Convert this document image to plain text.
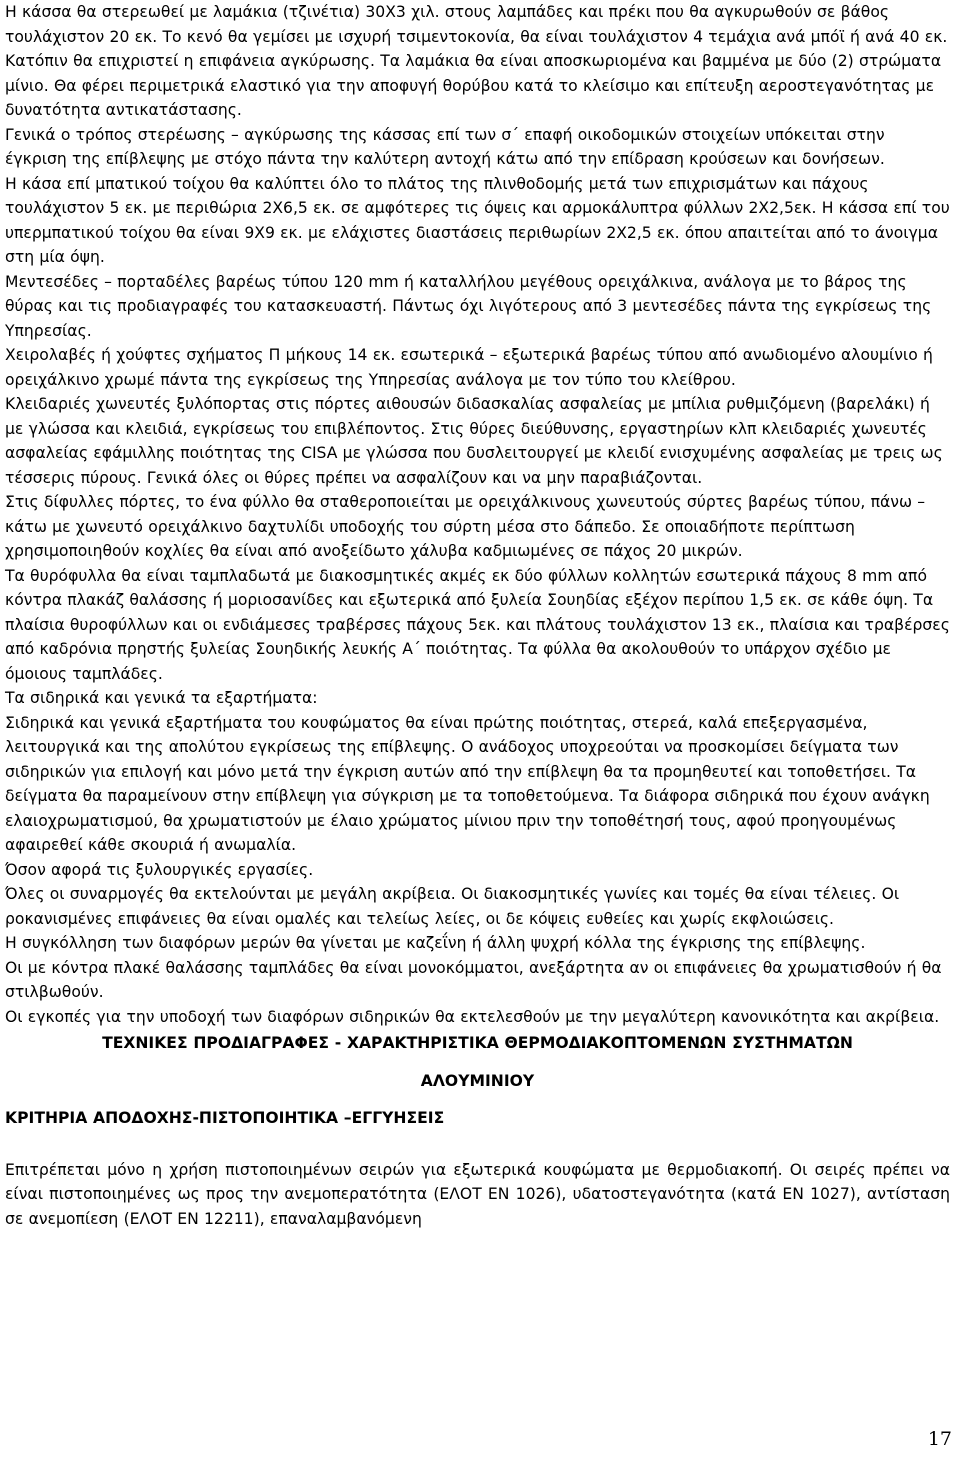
Η κάσσα θα στερεωθεί με λαμάκια (τζινέτια) 30Χ3 χιλ. στους λαμπάδες και πρέκι που θα αγκυρωθούν σε βάθος τουλάχιστον 20 εκ. Το κενό θα γεμίσει με ισχυρή τσιμεντοκονία, θα είναι τουλάχιστον 4 τεμάχια ανά μπόϊ ή ανά 40 εκ. Κατόπιν θα επιχριστεί η επιφάνεια αγκύρωσης. Τα λαμάκια θα είναι αποσκωριομένα και βαμμένα με δύο (2) στρώματα μίνιο. Θα φέρει περιμετρικά ελαστικό για την αποφυγή θορύβου κατά το κλείσιμο και επίτευξη αεροστεγανότητας με δυνατότητα αντικατάστασης.

Γενικά ο τρόπος στερέωσης – αγκύρωσης της κάσσας επί των σ΄ επαφή οικοδομικών στοιχείων υπόκειται στην έγκριση της επίβλεψης με στόχο πάντα την καλύτερη αντοχή κάτω από την επίδραση κρούσεων και δονήσεων.

Η κάσα επί μπατικού τοίχου θα καλύπτει όλο το πλάτος της πλινθοδομής μετά των επιχρισμάτων και πάχους τουλάχιστον 5 εκ. με περιθώρια 2Χ6,5 εκ. σε αμφότερες τις όψεις και αρμοκάλυπτρα φύλλων 2Χ2,5εκ. Η κάσσα επί του υπερμπατικού τοίχου θα είναι 9Χ9 εκ. με ελάχιστες διαστάσεις περιθωρίων 2Χ2,5 εκ. όπου απαιτείται από το άνοιγμα στη μία όψη.

Μεντεσέδες – πορταδέλες βαρέως τύπου 120 mm ή καταλλήλου μεγέθους ορειχάλκινα, ανάλογα με το βάρος της θύρας και τις προδιαγραφές του κατασκευαστή. Πάντως όχι λιγότερους από 3 μεντεσέδες πάντα της εγκρίσεως της Υπηρεσίας.

Χειρολαβές ή χούφτες σχήματος Π μήκους 14 εκ. εσωτερικά – εξωτερικά βαρέως τύπου από ανωδιομένο αλουμίνιο ή ορειχάλκινο χρωμέ πάντα της εγκρίσεως της Υπηρεσίας ανάλογα με τον τύπο του κλείθρου.

Κλειδαριές χωνευτές ξυλόπορτας στις πόρτες αιθουσών διδασκαλίας ασφαλείας με μπίλια ρυθμιζόμενη (βαρελάκι) ή με γλώσσα και κλειδιά, εγκρίσεως του επιβλέποντος. Στις θύρες διεύθυνσης, εργαστηρίων κλπ κλειδαριές χωνευτές ασφαλείας εφάμιλλης ποιότητας της CISA με γλώσσα που δυσλειτουργεί με κλειδί ενισχυμένης ασφαλείας με τρεις ως τέσσερις πύρους. Γενικά όλες οι θύρες πρέπει να ασφαλίζουν και να μην παραβιάζονται.

Στις δίφυλλες πόρτες, το ένα φύλλο θα σταθεροποιείται με ορειχάλκινους χωνευτούς σύρτες βαρέως τύπου, πάνω – κάτω με χωνευτό ορειχάλκινο δαχτυλίδι υποδοχής του σύρτη μέσα στο δάπεδο. Σε οποιαδήποτε περίπτωση χρησιμοποιηθούν κοχλίες θα είναι από ανοξείδωτο χάλυβα καδμιωμένες σε πάχος 20 μικρών.

Τα θυρόφυλλα θα είναι ταμπλαδωτά με διακοσμητικές ακμές εκ δύο φύλλων κολλητών εσωτερικά πάχους 8 mm από κόντρα πλακάζ θαλάσσης ή μοριοσανίδες και εξωτερικά από ξυλεία Σουηδίας εξέχον περίπου 1,5 εκ. σε κάθε όψη. Τα πλαίσια θυροφύλλων και οι ενδιάμεσες τραβέρσες πάχους 5εκ. και πλάτους τουλάχιστον 13 εκ., πλαίσια και τραβέρσες από καδρόνια πρηστής ξυλείας Σουηδικής λευκής Α΄ ποιότητας. Τα φύλλα θα ακολουθούν το υπάρχον σχέδιο με όμοιους ταμπλάδες.

Τα σιδηρικά και γενικά τα εξαρτήματα:

Σιδηρικά και γενικά εξαρτήματα του κουφώματος θα είναι πρώτης ποιότητας, στερεά, καλά επεξεργασμένα, λειτουργικά και της απολύτου εγκρίσεως της επίβλεψης. Ο ανάδοχος υποχρεούται να προσκομίσει δείγματα των σιδηρικών για επιλογή και μόνο μετά την έγκριση αυτών από την επίβλεψη θα τα προμηθευτεί και τοποθετήσει. Τα δείγματα θα παραμείνουν στην επίβλεψη για σύγκριση με τα τοποθετούμενα. Τα διάφορα σιδηρικά που έχουν ανάγκη ελαιοχρωματισμού, θα χρωματιστούν με έλαιο χρώματος μίνιου πριν την τοποθέτησή τους, αφού προηγουμένως αφαιρεθεί κάθε σκουριά ή ανωμαλία.

Όσον αφορά τις ξυλουργικές εργασίες.

Όλες οι συναρμογές θα εκτελούνται με μεγάλη ακρίβεια. Οι διακοσμητικές γωνίες και τομές θα είναι τέλειες. Οι ροκανισμένες επιφάνειες θα είναι ομαλές και τελείως λείες, οι δε κόψεις ευθείες και χωρίς εκφλοιώσεις.

Η συγκόλληση των διαφόρων μερών θα γίνεται με καζεΐνη ή άλλη ψυχρή κόλλα της έγκρισης της επίβλεψης.

Οι με κόντρα πλακέ θαλάσσης ταμπλάδες θα είναι μονοκόμματοι, ανεξάρτητα αν οι επιφάνειες θα χρωματισθούν ή θα στιλβωθούν.

Οι εγκοπές για την υποδοχή των διαφόρων σιδηρικών θα εκτελεσθούν με την μεγαλύτερη κανονικότητα και ακρίβεια.

ΤΕΧΝΙΚΕΣ ΠΡΟΔΙΑΓΡΑΦΕΣ - ΧΑΡΑΚΤΗΡΙΣΤΙΚΑ ΘΕΡΜΟΔΙΑΚΟΠΤΟΜΕΝΩΝ ΣΥΣΤΗΜΑΤΩΝ

ΑΛΟΥΜΙΝΙΟΥ

ΚΡΙΤΗΡΙΑ ΑΠΟΔΟΧΗΣ-ΠΙΣΤΟΠΟΙΗΤΙΚΑ –ΕΓΓΥΗΣΕΙΣ

Επιτρέπεται μόνο η χρήση πιστοποιημένων σειρών για εξωτερικά κουφώματα με θερμοδιακοπή. Οι σειρές πρέπει να είναι πιστοποιημένες ως προς την ανεμοπερατότητα (ΕΛΟΤ ΕΝ 1026), υδατοστεγανότητα (κατά ΕΝ 1027), αντίσταση σε ανεμοπίεση (ΕΛΟΤ ΕΝ 12211), επαναλαμβανόμενη

17
